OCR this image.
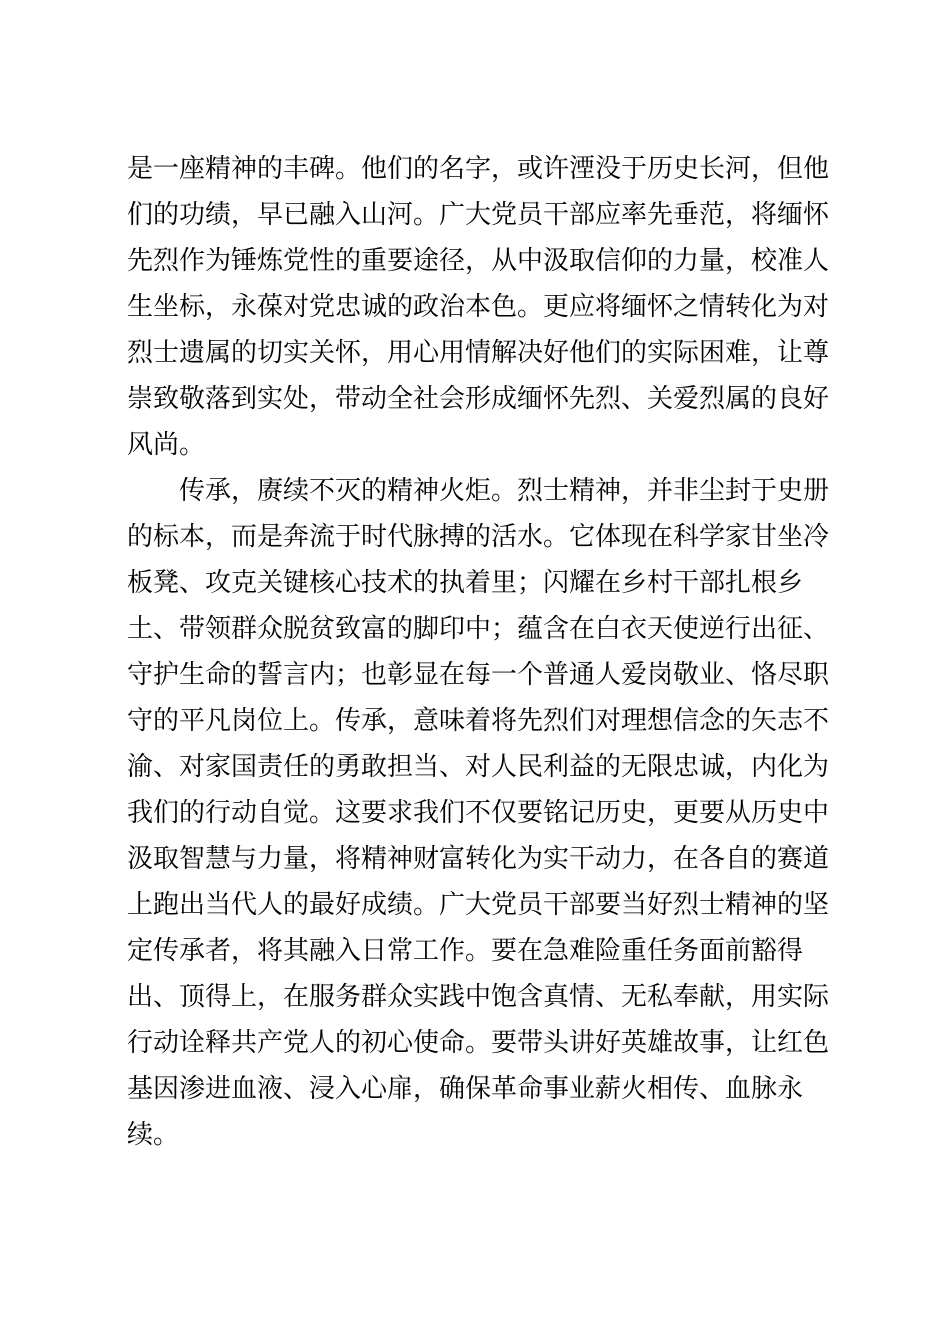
是一座精神的丰碑。他们的名字，或许湮没于历史长河，但他
们的功绩，早已融入山河。广大党员干部应率先垂范，将缅怀
先烈作为锤炼党性的重要途径，从中汲取信仰的力量，校准人
生坐标，永葆对党忠诚的政治本色。更应将缅怀之情转化为对
烈士遗属的切实关怀，用心用情解决好他们的实际困难，让尊
崇致敬落到实处，带动全社会形成缅怀先烈、关爱烈属的良好
风尚。
传承，赓续不灭的精神火炬。烈士精神，并非尘封于史册
的标本，而是奔流于时代脉搏的活水。它体现在科学家甘坐冷
板凳、攻克关键核心技术的执着里；闪耀在乡村干部扎根乡
土、带领群众脱贫致富的脚印中；蕴含在白衣天使逆行出征、
守护生命的誓言内；也彰显在每一个普通人爱岗敬业、恪尽职
守的平凡岗位上。传承，意味着将先烈们对理想信念的矢志不
渝、对家国责任的勇敢担当、对人民利益的无限忠诚，内化为
我们的行动自觉。这要求我们不仅要铭记历史，更要从历史中
汲取智慧与力量，将精神财富转化为实干动力，在各自的赛道
上跑出当代人的最好成绩。广大党员干部要当好烈士精神的坚
定传承者，将其融入日常工作。要在急难险重任务面前豁得
出、顶得上，在服务群众实践中饱含真情、无私奉献，用实际
行动诠释共产党人的初心使命。要带头讲好英雄故事，让红色
基因渗进血液、浸入心扉，确保革命事业薪火相传、血脉永
续。
